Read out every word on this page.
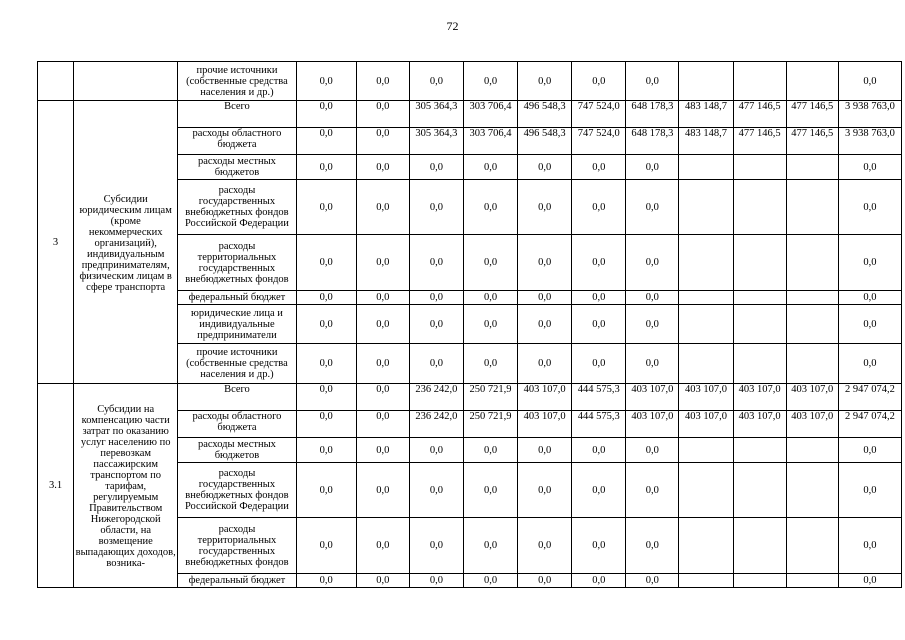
72
		прочие источники (собственные средства населения и др.)	0,0	0,0	0,0	0,0	0,0	0,0	0,0				0,0
3	Субсидии юридическим лицам (кроме некоммерческих организаций), индивидуальным предпринимателям, физическим лицам в сфере транспорта	Всего	0,0	0,0	305 364,3	303 706,4	496 548,3	747 524,0	648 178,3	483 148,7	477 146,5	477 146,5	3 938 763,0
		расходы областного бюджета	0,0	0,0	305 364,3	303 706,4	496 548,3	747 524,0	648 178,3	483 148,7	477 146,5	477 146,5	3 938 763,0
		расходы местных бюджетов	0,0	0,0	0,0	0,0	0,0	0,0	0,0				0,0
		расходы государственных внебюджетных фондов Российской Федерации	0,0	0,0	0,0	0,0	0,0	0,0	0,0				0,0
		расходы территориальных государственных внебюджетных фондов	0,0	0,0	0,0	0,0	0,0	0,0	0,0				0,0
		федеральный бюджет	0,0	0,0	0,0	0,0	0,0	0,0	0,0				0,0
		юридические лица и индивидуальные предприниматели	0,0	0,0	0,0	0,0	0,0	0,0	0,0				0,0
		прочие источники (собственные средства населения и др.)	0,0	0,0	0,0	0,0	0,0	0,0	0,0				0,0
3.1	Субсидии на компенсацию части затрат по оказанию услуг населению по перевозкам пассажирским транспортом по тарифам, регулируемым Правительством Нижегородской области, на возмещение выпадающих доходов, возника-	Всего	0,0	0,0	236 242,0	250 721,9	403 107,0	444 575,3	403 107,0	403 107,0	403 107,0	403 107,0	2 947 074,2
		расходы областного бюджета	0,0	0,0	236 242,0	250 721,9	403 107,0	444 575,3	403 107,0	403 107,0	403 107,0	403 107,0	2 947 074,2
		расходы местных бюджетов	0,0	0,0	0,0	0,0	0,0	0,0	0,0				0,0
		расходы государственных внебюджетных фондов Российской Федерации	0,0	0,0	0,0	0,0	0,0	0,0	0,0				0,0
		расходы территориальных государственных внебюджетных фондов	0,0	0,0	0,0	0,0	0,0	0,0	0,0				0,0
		федеральный бюджет	0,0	0,0	0,0	0,0	0,0	0,0	0,0				0,0
